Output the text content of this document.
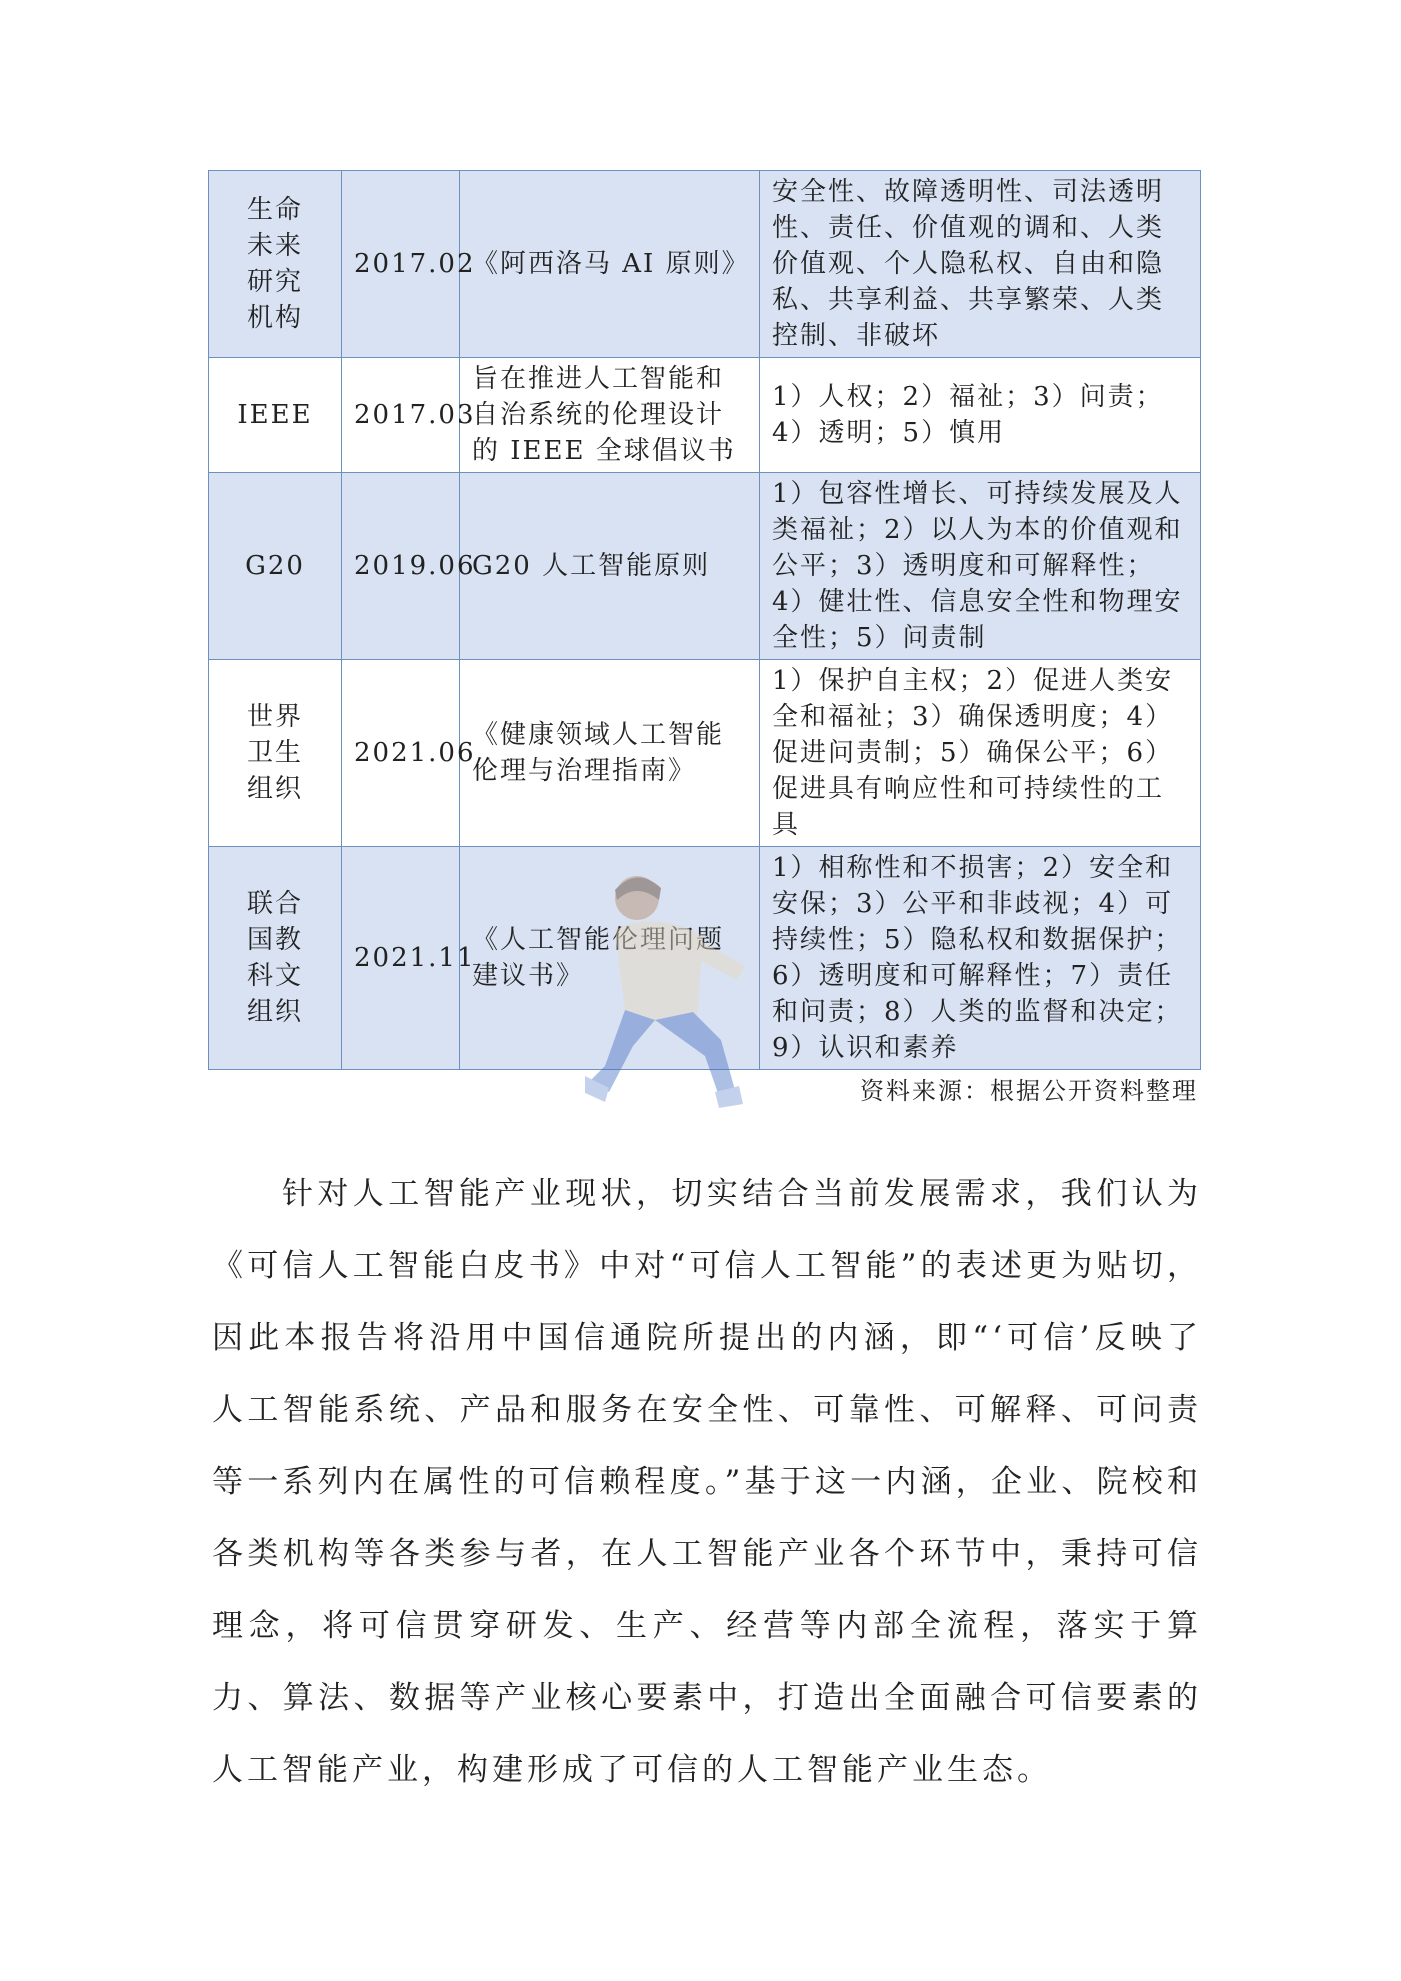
生命未来研究机构	2017.02	《阿西洛马 AI 原则》	安全性、故障透明性、司法透明性、责任、价值观的调和、人类价值观、个人隐私权、自由和隐私、共享利益、共享繁荣、人类控制、非破坏
IEEE	2017.03	旨在推进人工智能和自治系统的伦理设计的 IEEE 全球倡议书	1）人权；2）福祉；3）问责；4）透明；5）慎用
G20	2019.06	G20 人工智能原则	1）包容性增长、可持续发展及人类福祉；2）以人为本的价值观和公平；3）透明度和可解释性；4）健壮性、信息安全性和物理安全性；5）问责制
世界卫生组织	2021.06	《健康领域人工智能伦理与治理指南》	1）保护自主权；2）促进人类安全和福祉；3）确保透明度；4）促进问责制；5）确保公平；6）促进具有响应性和可持续性的工具
联合国教科文组织	2021.11	《人工智能伦理问题建议书》	1）相称性和不损害；2）安全和安保；3）公平和非歧视；4）可持续性；5）隐私权和数据保护；6）透明度和可解释性；7）责任和问责；8）人类的监督和决定；9）认识和素养
资料来源：根据公开资料整理

针对人工智能产业现状，切实结合当前发展需求，我们认为《可信人工智能白皮书》中对“可信人工智能”的表述更为贴切，因此本报告将沿用中国信通院所提出的内涵，即“‘可信’反映了人工智能系统、产品和服务在安全性、可靠性、可解释、可问责等一系列内在属性的可信赖程度。”基于这一内涵，企业、院校和各类机构等各类参与者，在人工智能产业各个环节中，秉持可信理念，将可信贯穿研发、生产、经营等内部全流程，落实于算力、算法、数据等产业核心要素中，打造出全面融合可信要素的人工智能产业，构建形成了可信的人工智能产业生态。
